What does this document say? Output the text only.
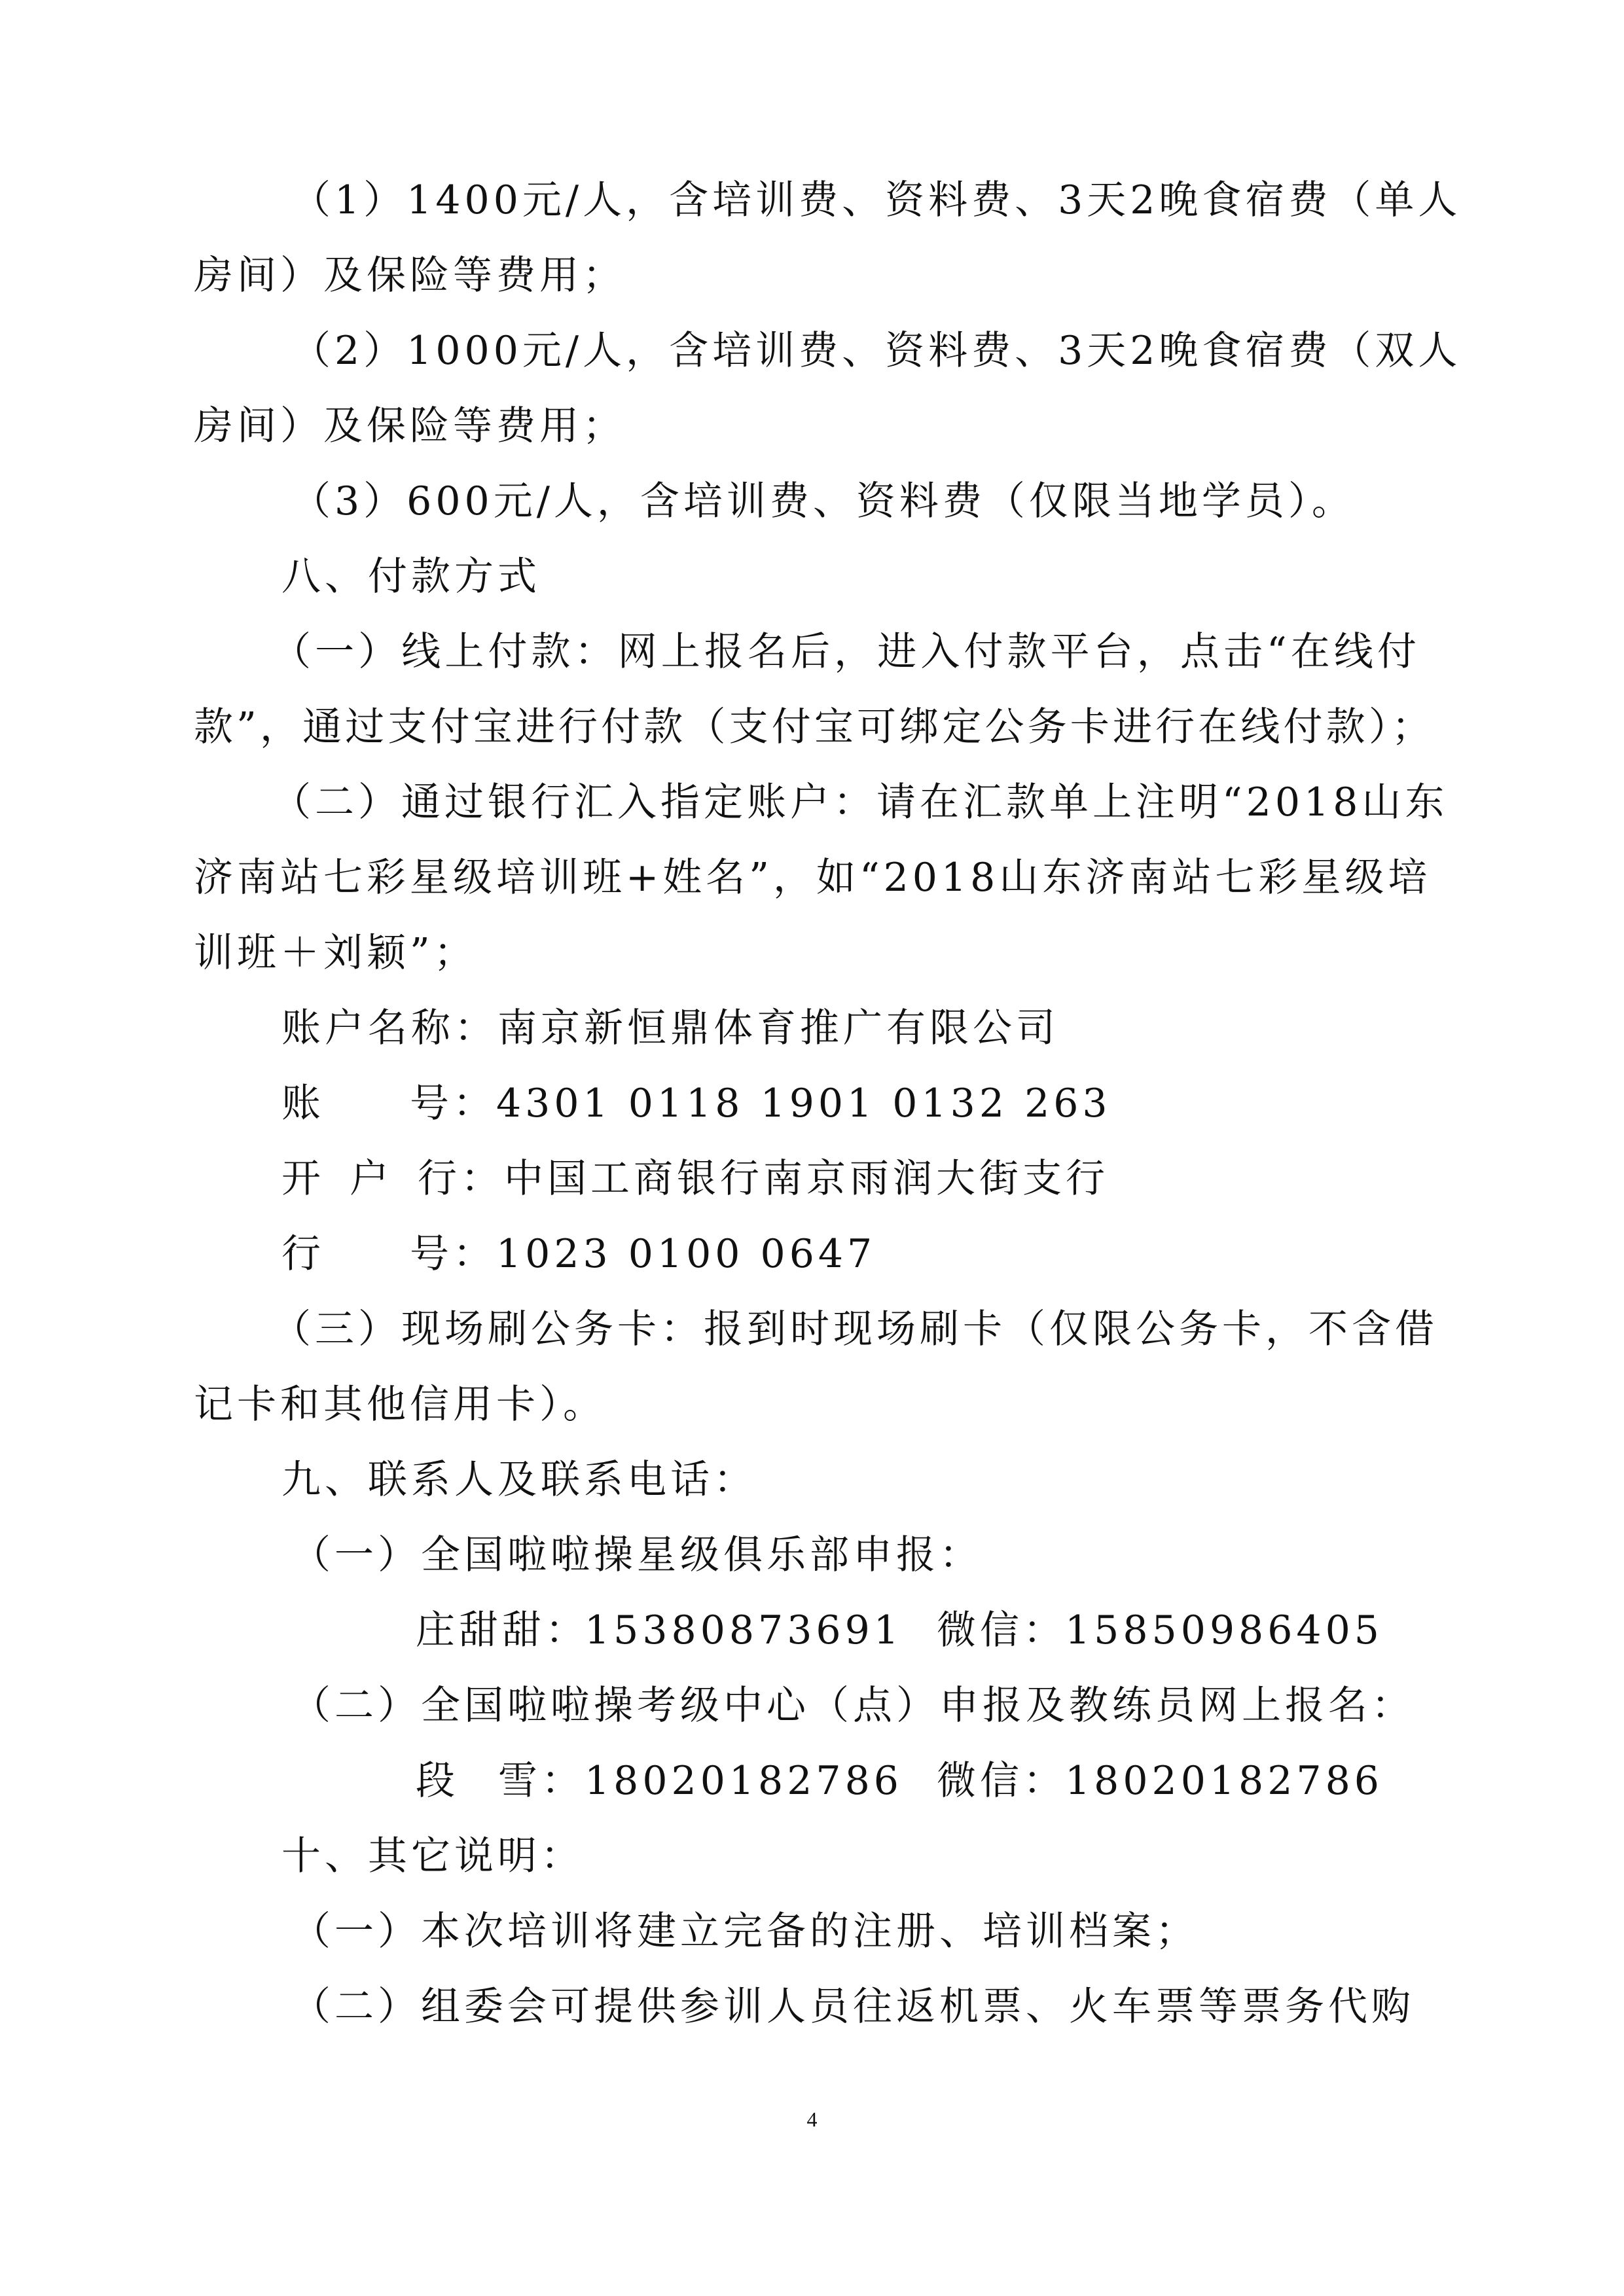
（1）1400元/人，含培训费、资料费、3天2晚食宿费（单人

房间）及保险等费用；

（2）1000元/人，含培训费、资料费、3天2晚食宿费（双人

房间）及保险等费用；

（3）600元/人，含培训费、资料费（仅限当地学员）。

八、付款方式

（一）线上付款：网上报名后，进入付款平台，点击“在线付

款”，通过支付宝进行付款（支付宝可绑定公务卡进行在线付款）；

（二）通过银行汇入指定账户：请在汇款单上注明“2018山东

济南站七彩星级培训班+姓名”，如“2018山东济南站七彩星级培

训班＋刘颖”；

账户名称：南京新恒鼎体育推广有限公司

账 号：4301 0118 1901 0132 263

开 户 行：中国工商银行南京雨润大街支行

行 号：1023 0100 0647

（三）现场刷公务卡：报到时现场刷卡（仅限公务卡，不含借

记卡和其他信用卡）。

九、联系人及联系电话：

（一）全国啦啦操星级俱乐部申报：

庄甜甜：

15380873691 微信：

15850986405

（二）全国啦啦操考级中心（点）申报及教练员网上报名：

段 雪： 18020182786 微信：

18020182786

十、其它说明：

（一）本次培训将建立完备的注册、培训档案；

（二）组委会可提供参训人员往返机票、火车票等票务代购

4
